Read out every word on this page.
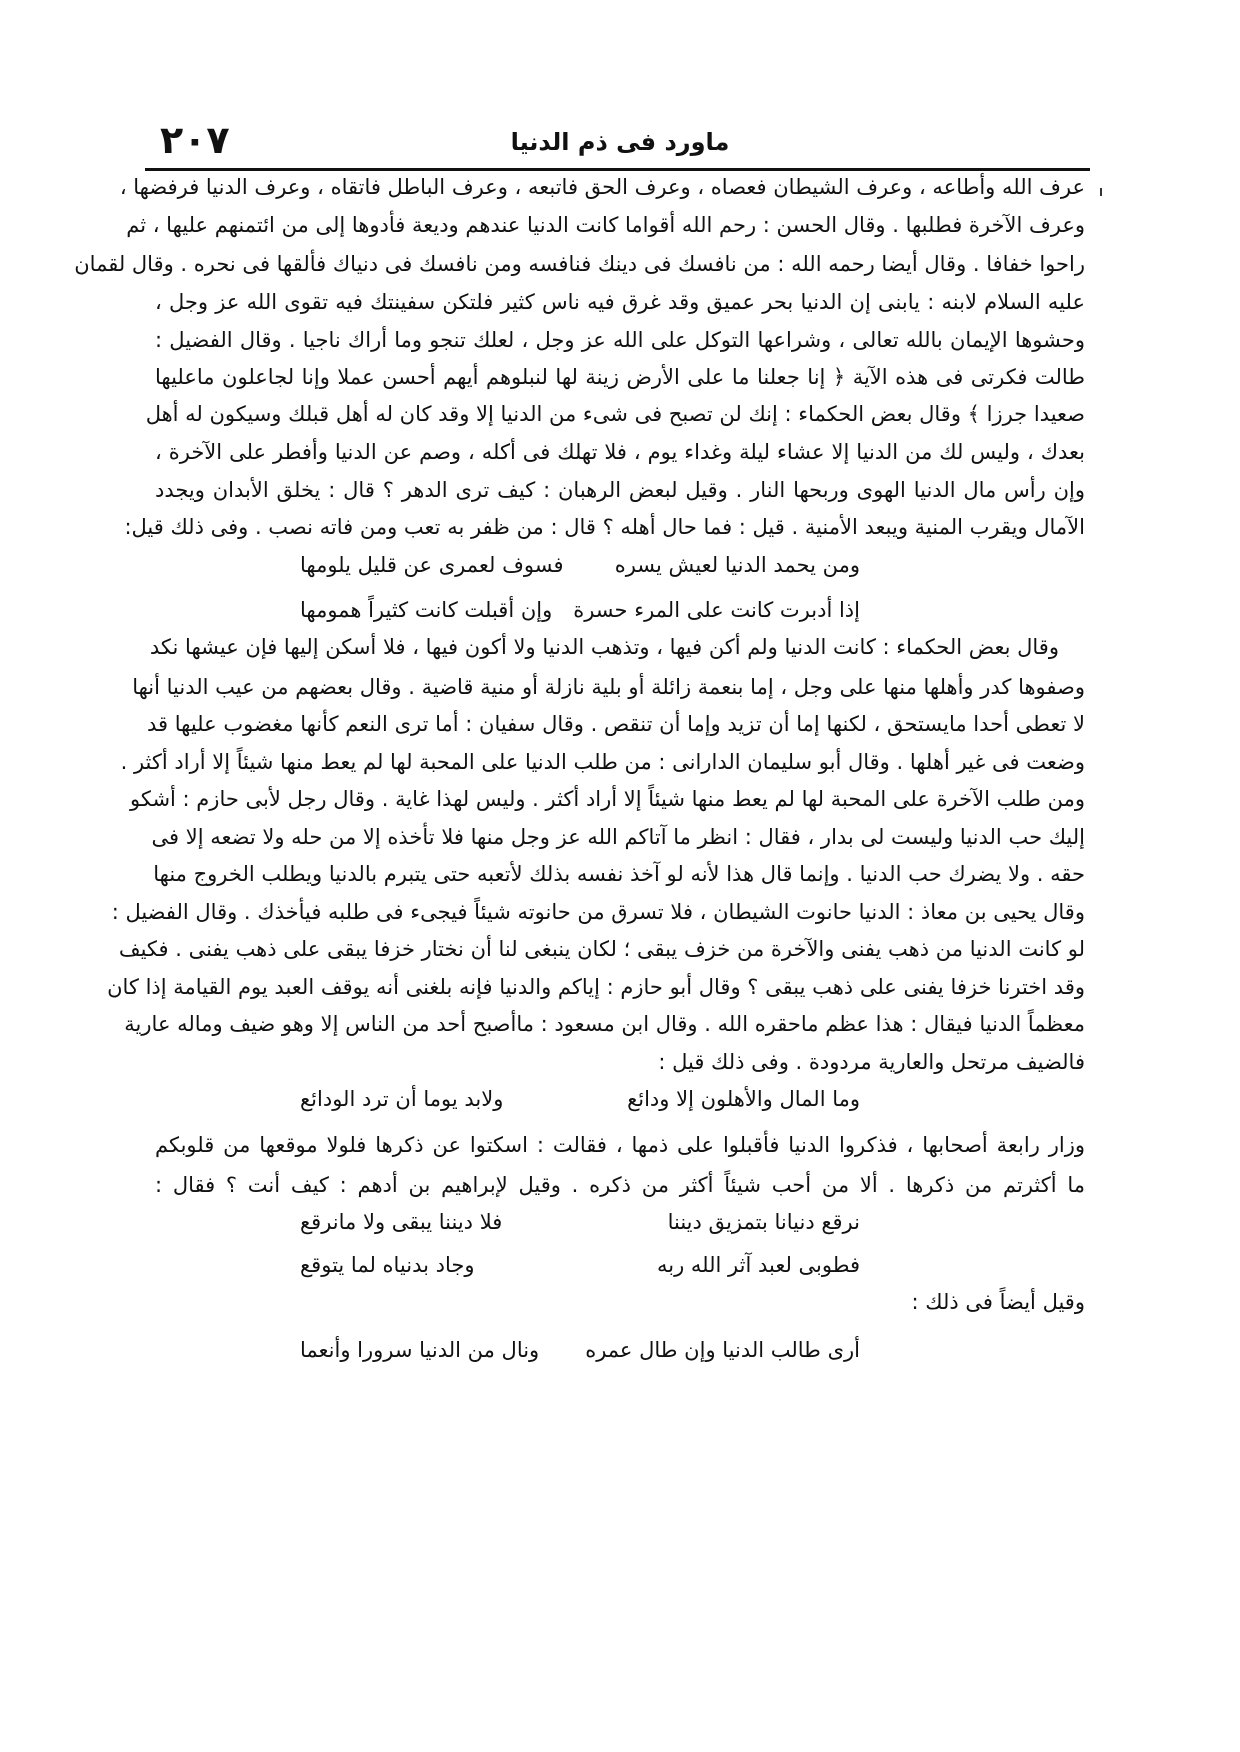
ماورد فى ذم الدنيا
٢٠٧
عرف الله وأطاعه ، وعرف الشيطان فعصاه ، وعرف الحق فاتبعه ، وعرف الباطل فاتقاه ، وعرف الدنيا فرفضها ،
وعرف الآخرة فطلبها . وقال الحسن : رحم الله أقواما كانت الدنيا عندهم وديعة فأدوها إلى من ائتمنهم عليها ، ثم
راحوا خفافا . وقال أيضا رحمه الله : من نافسك فى دينك فنافسه ومن نافسك فى دنياك فألقها فى نحره . وقال لقمان
عليه السلام لابنه : يابنى إن الدنيا بحر عميق وقد غرق فيه ناس كثير فلتكن سفينتك فيه تقوى الله عز وجل ،
وحشوها الإيمان بالله تعالى ، وشراعها التوكل على الله عز وجل ، لعلك تنجو وما أراك ناجيا . وقال الفضيل :
طالت فكرتى فى هذه الآية ﴿ إنا جعلنا ما على الأرض زينة لها لنبلوهم أيهم أحسن عملا وإنا لجاعلون ماعليها
صعيدا جرزا ﴾ وقال بعض الحكماء : إنك لن تصبح فى شىء من الدنيا إلا وقد كان له أهل قبلك وسيكون له أهل
بعدك ، وليس لك من الدنيا إلا عشاء ليلة وغداء يوم ، فلا تهلك فى أكله ، وصم عن الدنيا وأفطر على الآخرة ،
وإن رأس مال الدنيا الهوى وربحها النار . وقيل لبعض الرهبان : كيف ترى الدهر ؟ قال : يخلق الأبدان ويجدد
الآمال ويقرب المنية ويبعد الأمنية . قيل : فما حال أهله ؟ قال : من ظفر به تعب ومن فاته نصب . وفى ذلك قيل:
ومن يحمد الدنيا لعيش يسره
فسوف لعمرى عن قليل يلومها
إذا أدبرت كانت على المرء حسرة
وإن أقبلت كانت كثيراً همومها
وقال بعض الحكماء : كانت الدنيا ولم أكن فيها ، وتذهب الدنيا ولا أكون فيها ، فلا أسكن إليها فإن عيشها نكد
وصفوها كدر وأهلها منها على وجل ، إما بنعمة زائلة أو بلية نازلة أو منية قاضية . وقال بعضهم من عيب الدنيا أنها
لا تعطى أحدا مايستحق ، لكنها إما أن تزيد وإما أن تنقص . وقال سفيان : أما ترى النعم كأنها مغضوب عليها قد
وضعت فى غير أهلها . وقال أبو سليمان الدارانى : من طلب الدنيا على المحبة لها لم يعط منها شيئاً إلا أراد أكثر .
ومن طلب الآخرة على المحبة لها لم يعط منها شيئاً إلا أراد أكثر . وليس لهذا غاية . وقال رجل لأبى حازم : أشكو
إليك حب الدنيا وليست لى بدار ، فقال : انظر ما آتاكم الله عز وجل منها فلا تأخذه إلا من حله ولا تضعه إلا فى
حقه . ولا يضرك حب الدنيا . وإنما قال هذا لأنه لو آخذ نفسه بذلك لأتعبه حتى يتبرم بالدنيا ويطلب الخروج منها
وقال يحيى بن معاذ : الدنيا حانوت الشيطان ، فلا تسرق من حانوته شيئاً فيجىء فى طلبه فيأخذك . وقال الفضيل :
لو كانت الدنيا من ذهب يفنى والآخرة من خزف يبقى ؛ لكان ينبغى لنا أن نختار خزفا يبقى على ذهب يفنى . فكيف
وقد اخترنا خزفا يفنى على ذهب يبقى ؟ وقال أبو حازم : إياكم والدنيا فإنه بلغنى أنه يوقف العبد يوم القيامة إذا كان
معظماً الدنيا فيقال : هذا عظم ماحقره الله . وقال ابن مسعود : ماأصبح أحد من الناس إلا وهو ضيف وماله عارية
فالضيف مرتحل والعارية مردودة . وفى ذلك قيل :
وما المال والأهلون إلا ودائع
ولابد يوما أن ترد الودائع
وزار رابعة أصحابها ، فذكروا الدنيا فأقبلوا على ذمها ، فقالت : اسكتوا عن ذكرها فلولا موقعها من قلوبكم
ما أكثرتم من ذكرها . ألا من أحب شيئاً أكثر من ذكره . وقيل لإبراهيم بن أدهم : كيف أنت ؟ فقال :
نرقع دنيانا بتمزيق ديننا
فلا ديننا يبقى ولا مانرقع
فطوبى لعبد آثر الله ربه
وجاد بدنياه لما يتوقع
وقيل أيضاً فى ذلك :
أرى طالب الدنيا وإن طال عمره
ونال من الدنيا سرورا وأنعما
